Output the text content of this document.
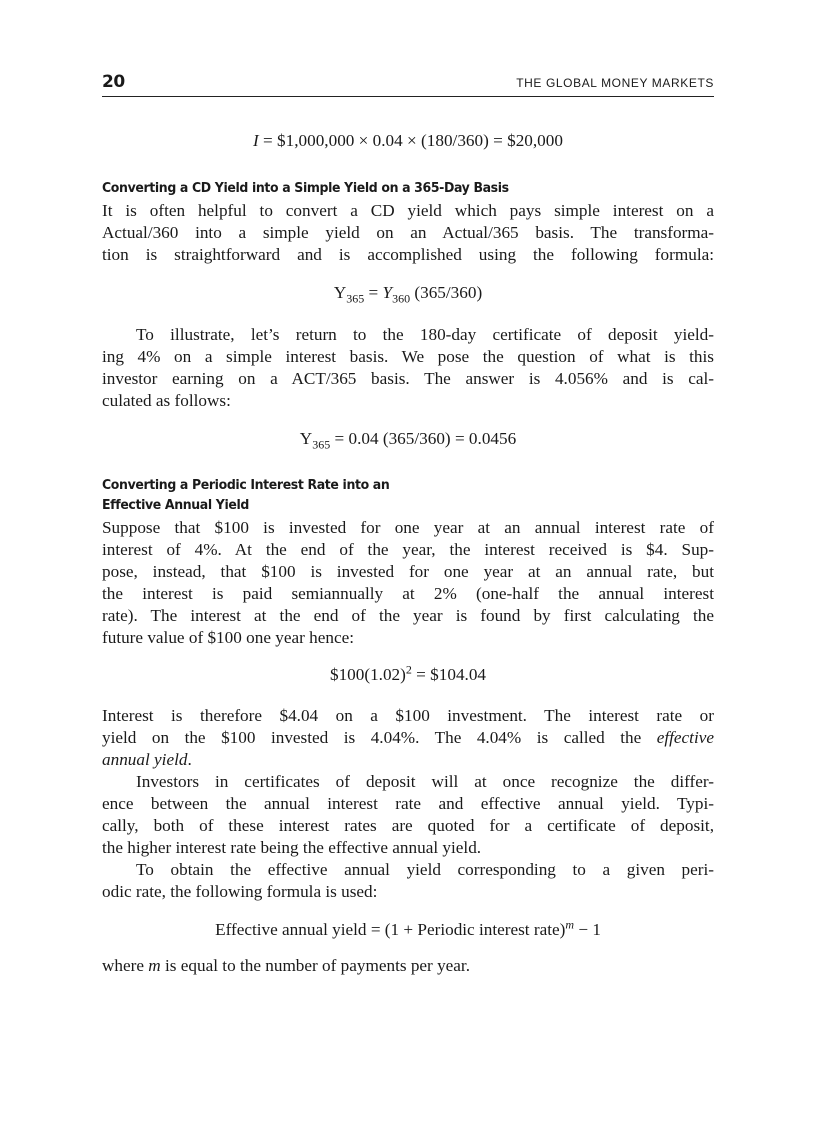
20	THE GLOBAL MONEY MARKETS
I = $1,000,000 × 0.04 × (180/360) = $20,000
Converting a CD Yield into a Simple Yield on a 365-Day Basis
It is often helpful to convert a CD yield which pays simple interest on a
Actual/360 into a simple yield on an Actual/365 basis. The transforma-
tion is straightforward and is accomplished using the following formula:
$Y_{365} = Y_{360}$ (365/360)
To illustrate, let’s return to the 180-day certificate of deposit yield-
ing 4% on a simple interest basis. We pose the question of what is this
investor earning on a ACT/365 basis. The answer is 4.056% and is cal-
culated as follows:
$Y_{365} = 0.04$ (365/360) = 0.0456
Converting a Periodic Interest Rate into an
Effective Annual Yield
Suppose that $100 is invested for one year at an annual interest rate of
interest of 4%. At the end of the year, the interest received is $4. Sup-
pose, instead, that $100 is invested for one year at an annual rate, but
the interest is paid semiannually at 2% (one-half the annual interest
rate). The interest at the end of the year is found by first calculating the
future value of $100 one year hence:
$\$100(1.02)^2$ = $104.04
Interest is therefore $4.04 on a $100 investment. The interest rate or
yield on the $100 invested is 4.04%. The 4.04% is called the effective
annual yield.
Investors in certificates of deposit will at once recognize the differ-
ence between the annual interest rate and effective annual yield. Typi-
cally, both of these interest rates are quoted for a certificate of deposit,
the higher interest rate being the effective annual yield.
To obtain the effective annual yield corresponding to a given peri-
odic rate, the following formula is used:
Effective annual yield = (1 + Periodic interest rate)$^m$ − 1
where m is equal to the number of payments per year.
